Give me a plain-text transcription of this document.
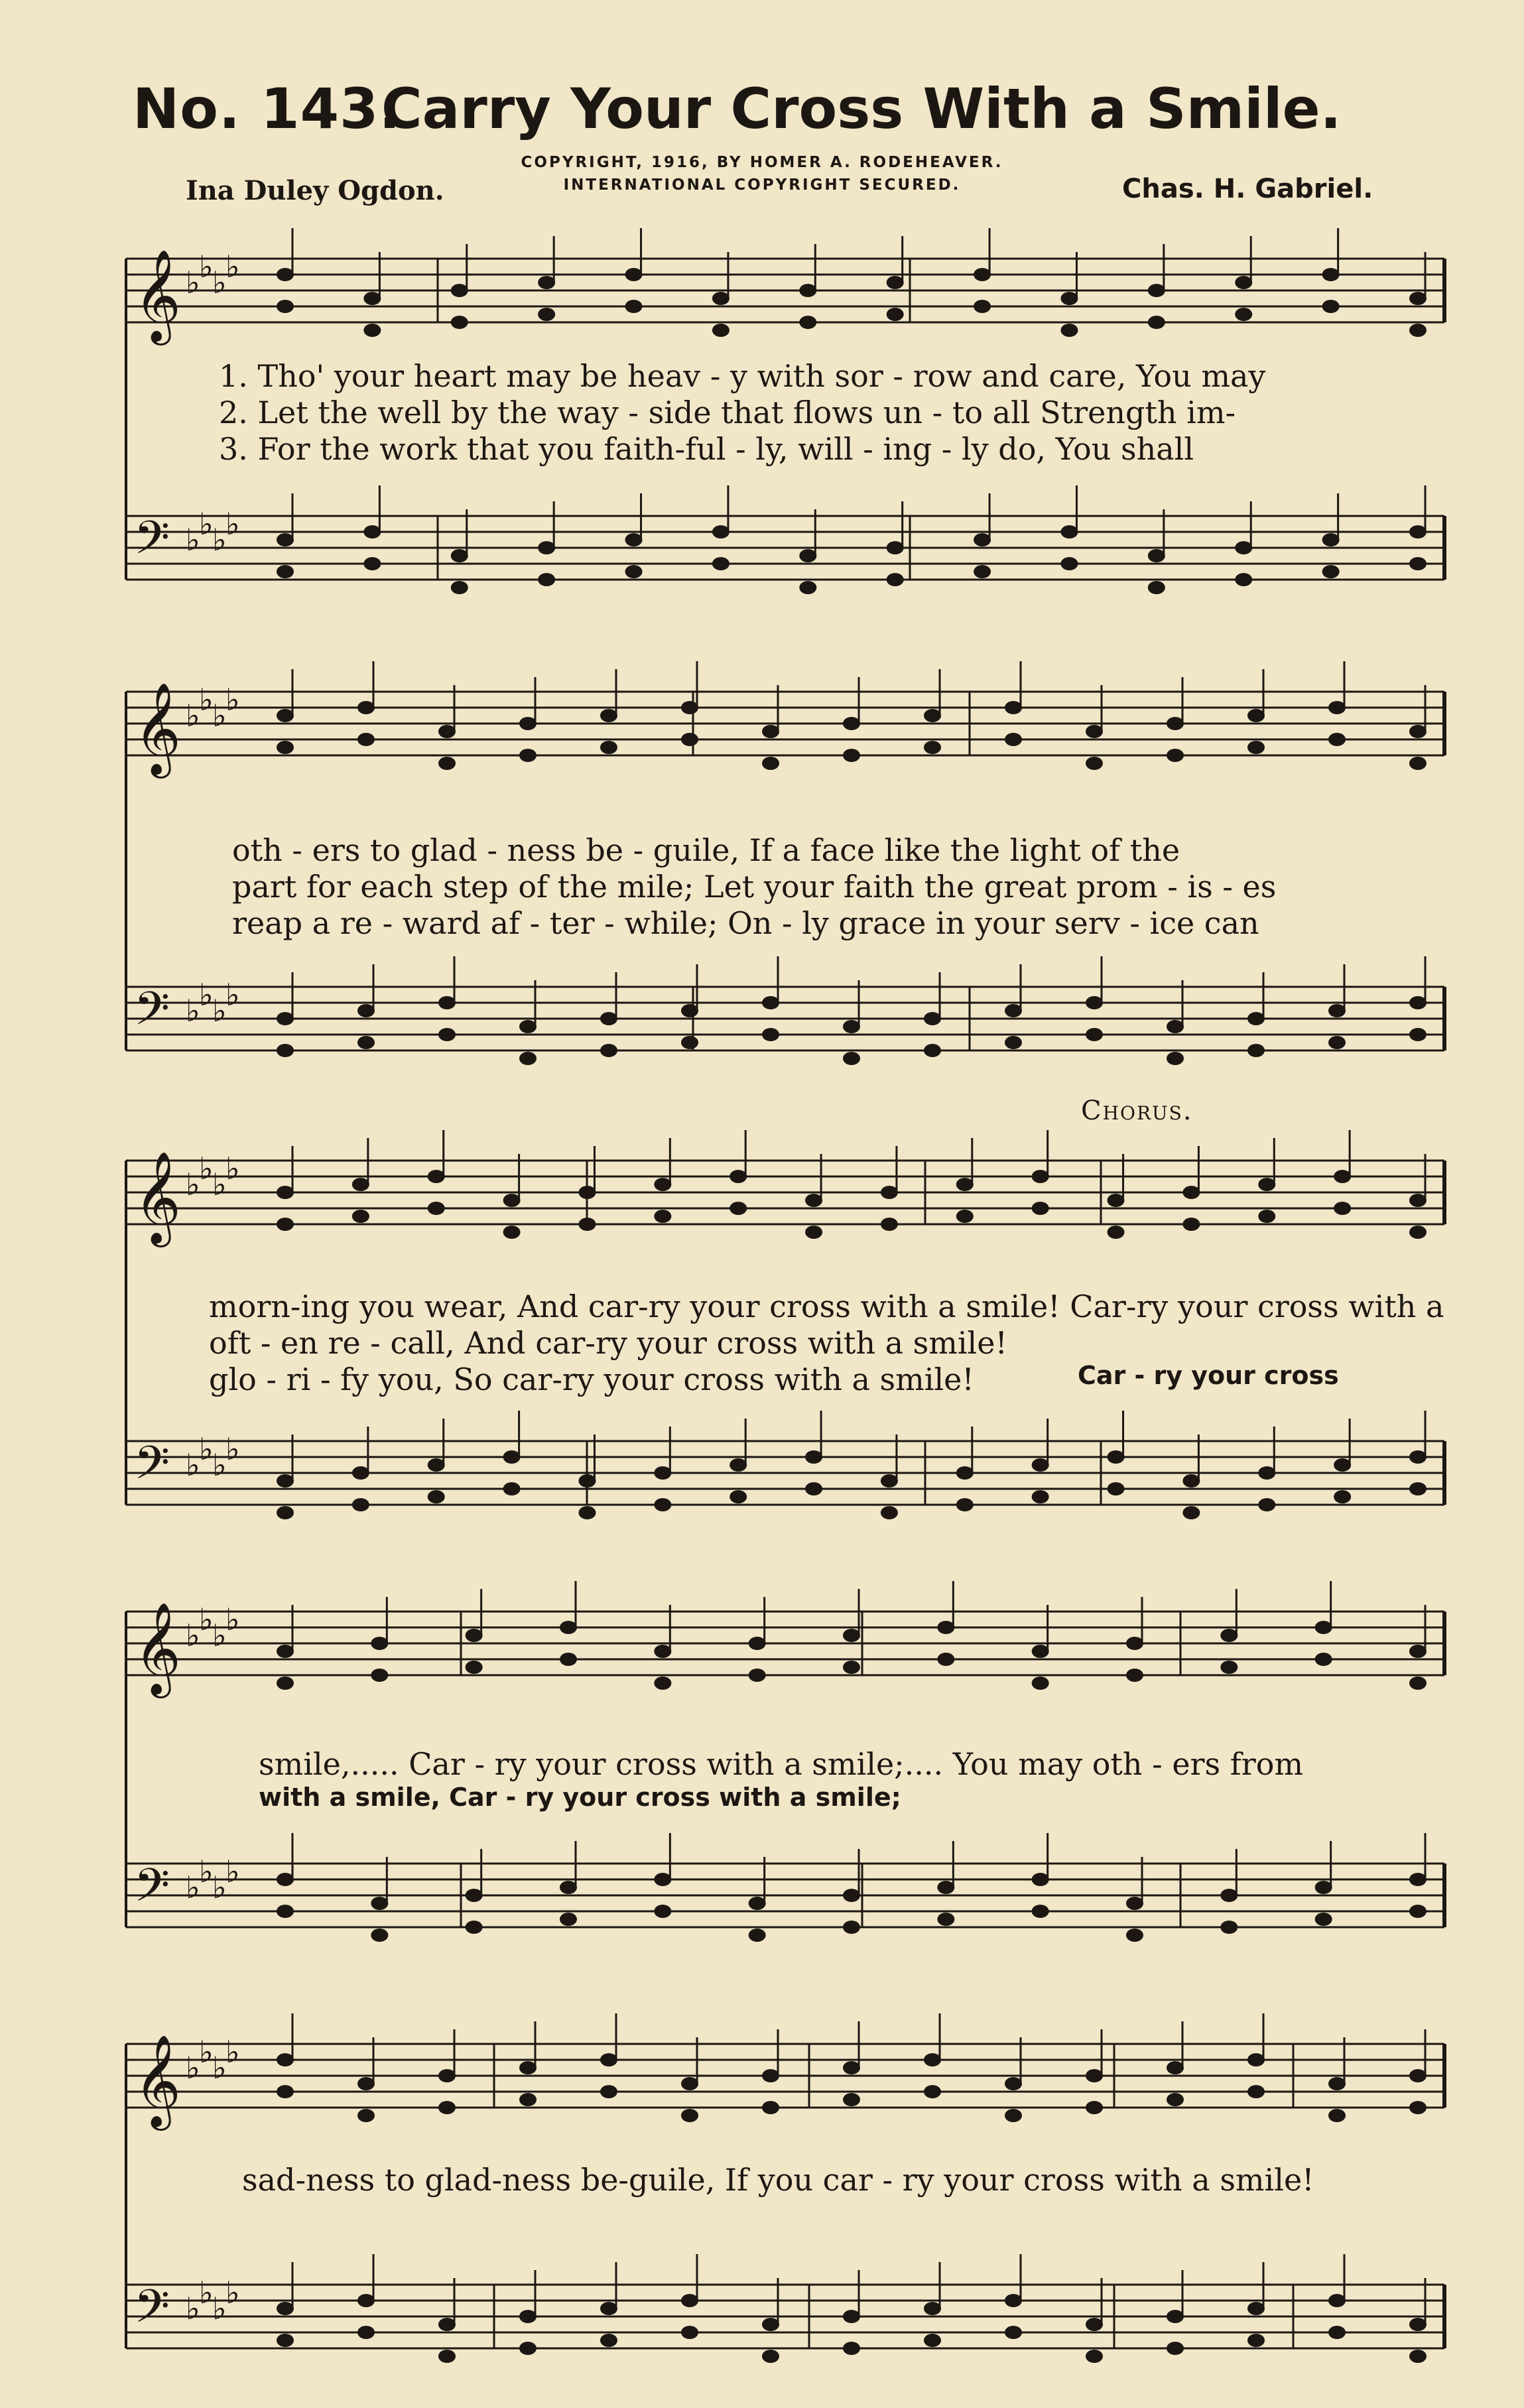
No. 143.
Carry Your Cross With a Smile.
COPYRIGHT, 1916, BY HOMER A. RODEHEAVER.
INTERNATIONAL COPYRIGHT SECURED.
Ina Duley Ogdon.	Chas. H. Gabriel.
𝄞 ♭
♭
♭
♭
𝄢 ♭
♭
♭
♭
𝄞 ♭
♭
♭
♭
𝄢 ♭
♭
♭
♭
𝄞 ♭
♭
♭
♭
𝄢 ♭
♭
♭
♭
𝄞 ♭
♭
♭
♭
𝄢 ♭
♭
♭
♭
𝄞 ♭
♭
♭
♭
𝄢 ♭
♭
♭
♭
1. Tho' your heart may be heav - y with sor - row and care, You may
2. Let the well by the way - side that flows un - to all Strength im-
3. For the work that you faith-ful - ly, will - ing - ly do, You shall
oth - ers to glad - ness be - guile, If a face like the light of the
part for each step of the mile; Let your faith the great prom - is - es
reap a re - ward af - ter - while; On - ly grace in your serv - ice can
Chorus.
morn-ing you wear, And car-ry your cross with a smile! Car-ry your cross with a
oft - en re - call, And car-ry your cross with a smile!
glo - ri - fy you, So car-ry your cross with a smile!	Car - ry your cross
smile,..... Car - ry your cross with a smile;.... You may oth - ers from
with a smile, Car - ry your cross with a smile;
sad-ness to glad-ness be-guile, If you car - ry your cross with a smile!
